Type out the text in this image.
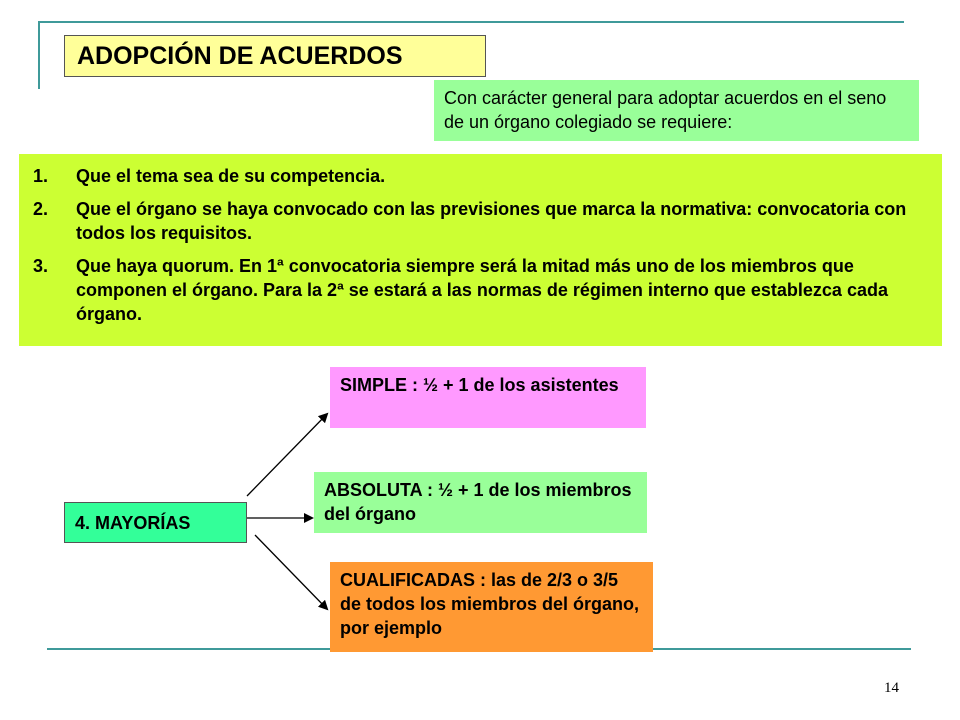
ADOPCIÓN DE ACUERDOS
Con carácter general para adoptar acuerdos en el seno de un órgano colegiado se requiere:
1.	Que el tema sea de su competencia.
2.	Que el órgano se haya convocado con las previsiones que marca la normativa: convocatoria con todos los requisitos.
3.	Que haya quorum. En 1ª convocatoria siempre será la mitad más uno de los miembros que componen el órgano. Para la 2ª se estará a las normas de régimen interno que establezca cada órgano.
4. MAYORÍAS
SIMPLE : ½ + 1 de los asistentes
ABSOLUTA : ½ + 1 de los miembros del órgano
CUALIFICADAS : las de 2/3 o 3/5 de todos los miembros del órgano, por ejemplo
14
